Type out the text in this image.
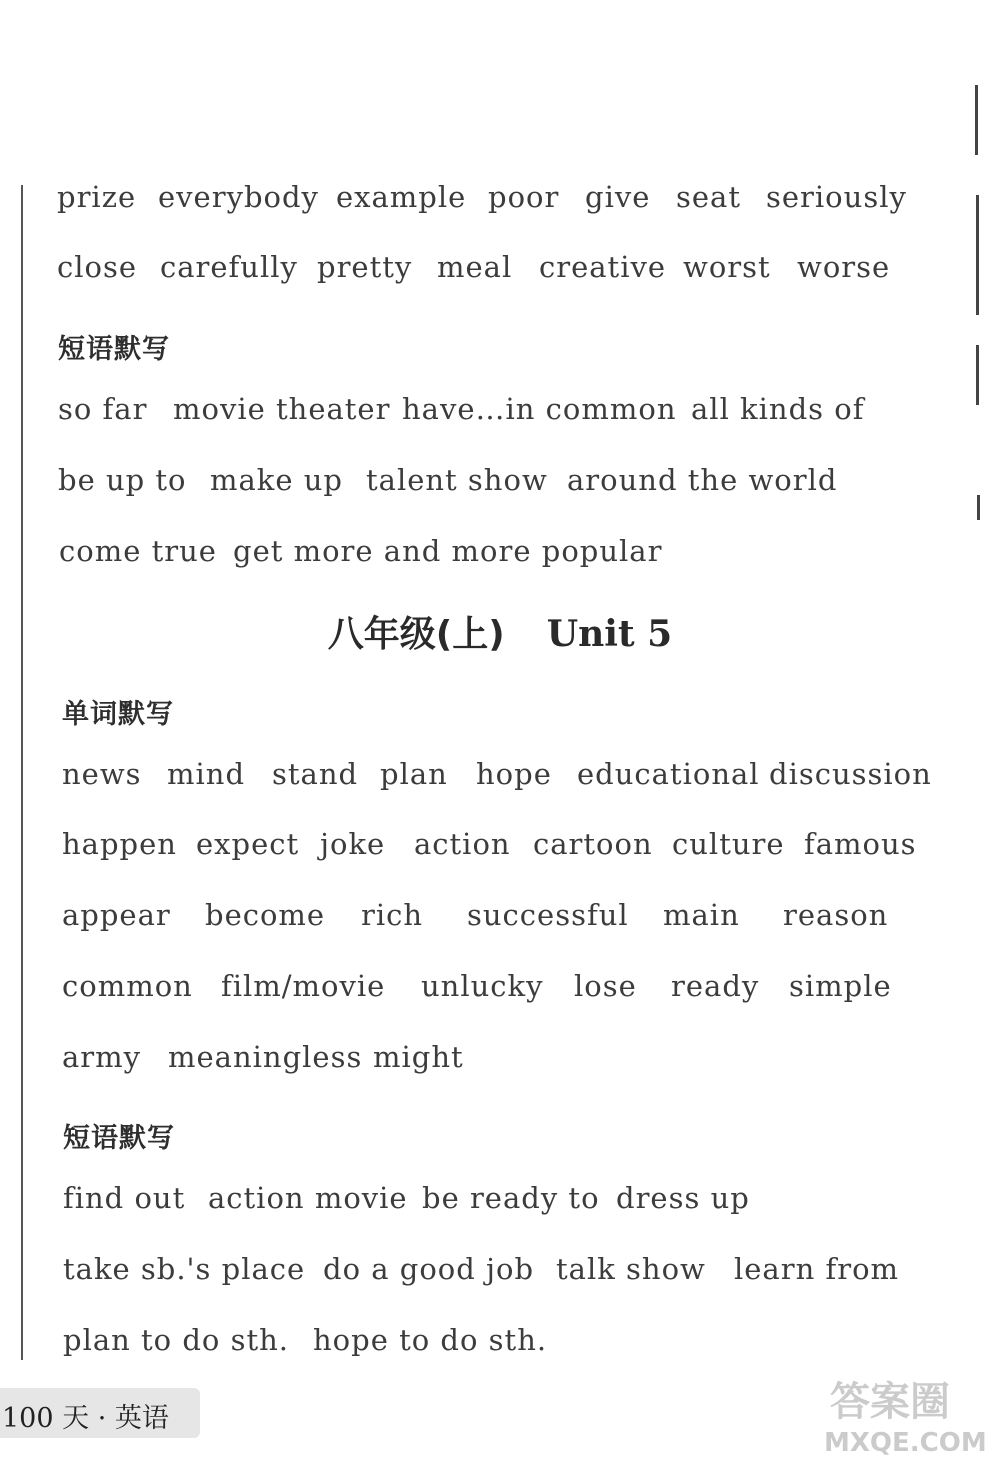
prize everybody example poor give seat seriously
close carefully pretty meal creative worst worse
短语默写
so far movie theater have…in common all kinds of
be up to make up talent show around the world
come true get more and more popular
八年级(上) Unit 5
单词默写
news mind stand plan hope educational discussion
happen expect joke action cartoon culture famous
appear become rich successful main reason
common film/movie unlucky lose ready simple
army meaningless might
短语默写
find out action movie be ready to dress up
take sb.'s place do a good job talk show learn from
plan to do sth. hope to do sth.
100 天 · 英语	答案圈
MXQE.COM
